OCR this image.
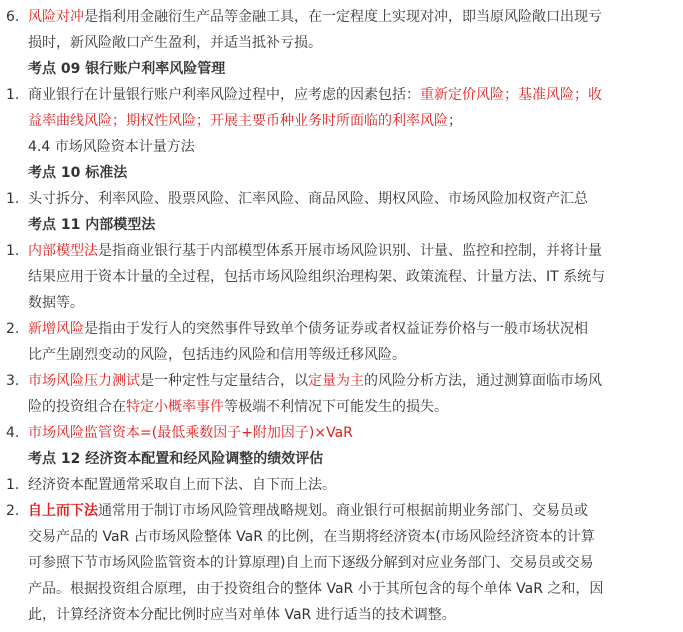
6. 风险对冲是指利用金融衍生产品等金融工具，在一定程度上实现对冲，即当原风险敞口出现亏
损时，新风险敞口产生盈利，并适当抵补亏损。
考点 09 银行账户利率风险管理
1. 商业银行在计量银行账户利率风险过程中，应考虑的因素包括：重新定价风险；基准风险；收
益率曲线风险；期权性风险；开展主要币种业务时所面临的利率风险；
4.4 市场风险资本计量方法
考点 10 标准法
1. 头寸拆分、利率风险、股票风险、汇率风险、商品风险、期权风险、市场风险加权资产汇总
考点 11 内部模型法
1. 内部模型法是指商业银行基于内部模型体系开展市场风险识别、计量、监控和控制，并将计量
结果应用于资本计量的全过程，包括市场风险组织治理构架、政策流程、计量方法、IT 系统与
数据等。
2. 新增风险是指由于发行人的突然事件导致单个债务证券或者权益证券价格与一般市场状况相
比产生剧烈变动的风险，包括违约风险和信用等级迁移风险。
3. 市场风险压力测试是一种定性与定量结合，以定量为主的风险分析方法，通过测算面临市场风
险的投资组合在特定小概率事件等极端不利情况下可能发生的损失。
4. 市场风险监管资本=(最低乘数因子+附加因子)×VaR
考点 12 经济资本配置和经风险调整的绩效评估
1. 经济资本配置通常采取自上而下法、自下而上法。
2. 自上而下法通常用于制订市场风险管理战略规划。商业银行可根据前期业务部门、交易员或
交易产品的 VaR 占市场风险整体 VaR 的比例，在当期将经济资本(市场风险经济资本的计算
可参照下节市场风险监管资本的计算原理)自上而下逐级分解到对应业务部门、交易员或交易
产品。根据投资组合原理，由于投资组合的整体 VaR 小于其所包含的每个单体 VaR 之和，因
此，计算经济资本分配比例时应当对单体 VaR 进行适当的技术调整。
